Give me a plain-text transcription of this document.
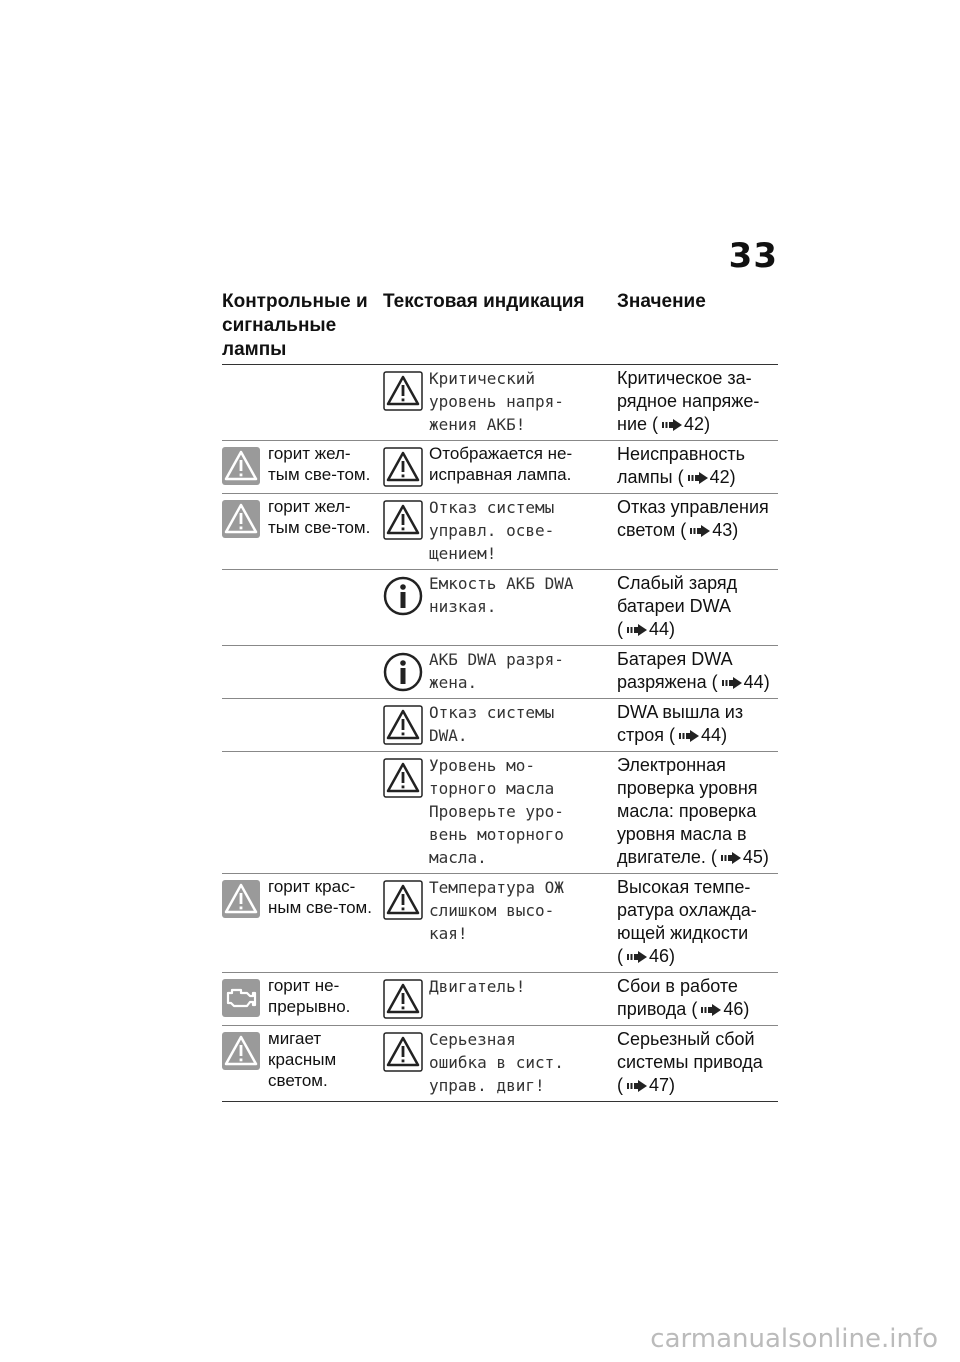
33
Контрольные и сигнальные лампы
Текстовая индикация	Значение
Критический
уровень напря-
жения АКБ!
Критическое за-рядное напряже-ние ( 42)
горит жел-тым све-том.
Отображается не-исправная лампа.
Неисправность лампы ( 42)
горит жел-тым све-том.
Отказ системы
управл. осве-
щением!
Отказ управления светом ( 43)
Емкость АКБ DWA
низкая.
Слабый заряд батареи DWA ( 44)
АКБ DWA разря-
жена.
Батарея DWA разряжена ( 44)
Отказ системы
DWA.
DWA вышла из строя ( 44)
Уровень мо-
торного масла
Проверьте уро-
вень моторного
масла.
Электронная проверка уровня масла: проверка уровня масла в двигателе. ( 45)
горит крас-ным све-том.
Температура ОЖ
слишком высо-
кая!
Высокая темпе-ратура охлажда-ющей жидкости ( 46)
горит не-прерывно.
Двигатель!	Сбои в работе привода ( 46)
мигает красным светом.
Серьезная
ошибка в сист.
управ. двиг!
Серьезный сбой системы привода ( 47)
carmanualsonline.info
